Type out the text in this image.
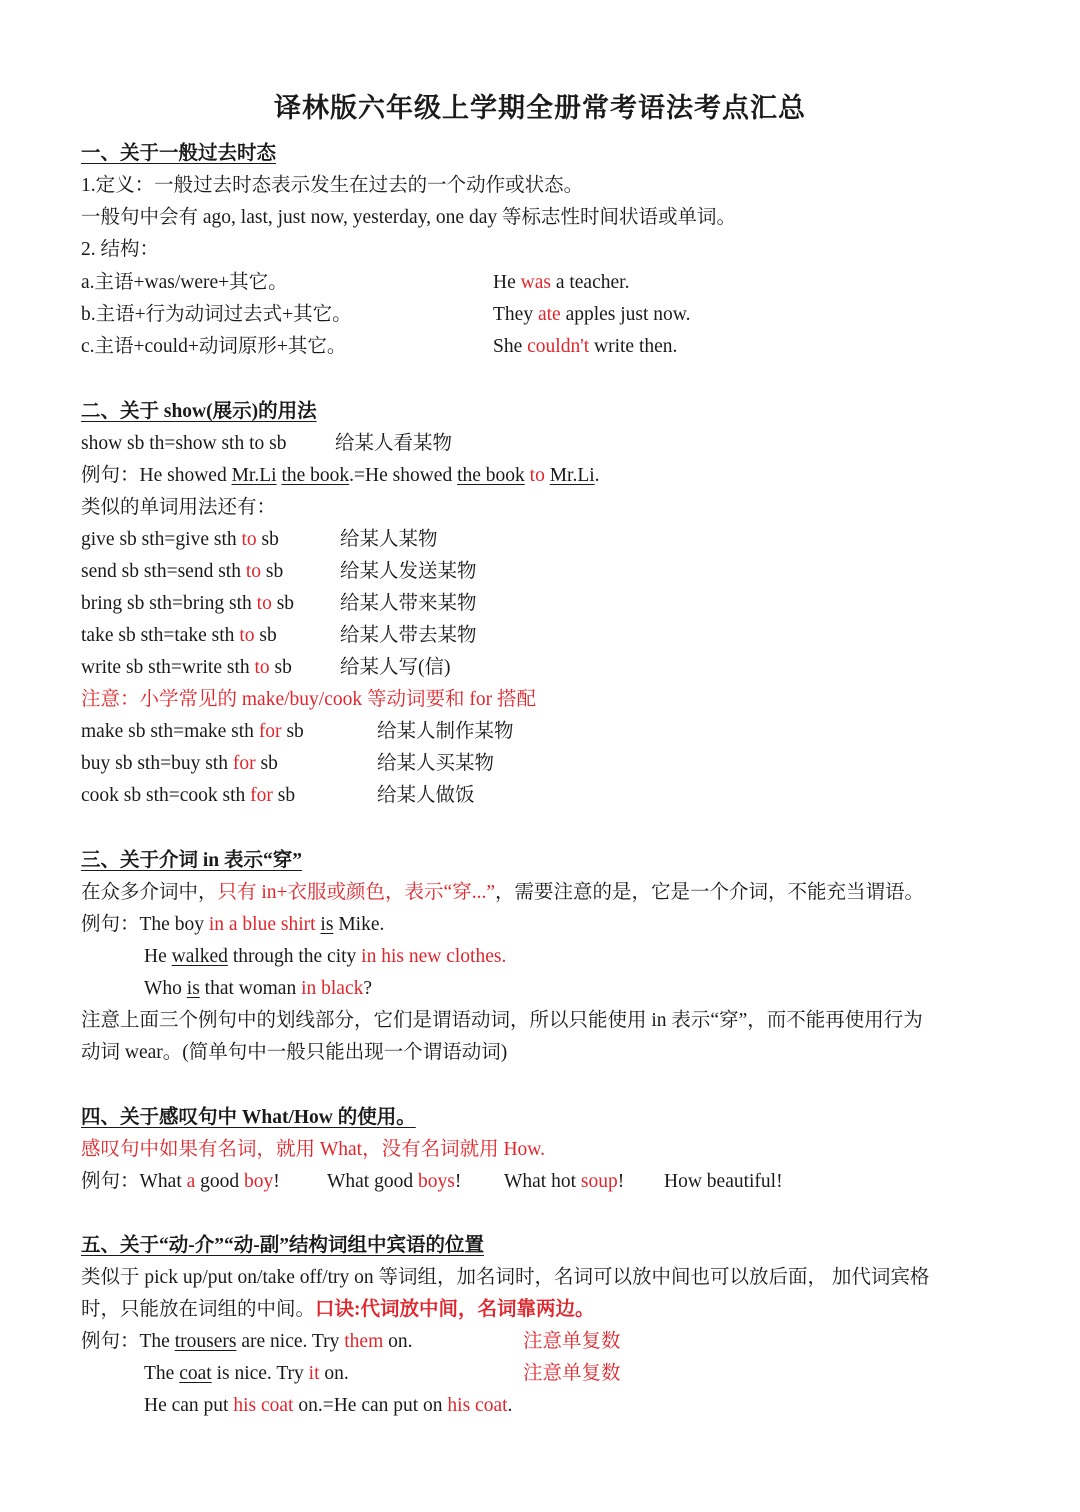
译林版六年级上学期全册常考语法考点汇总
一、关于一般过去时态
1.定义：一般过去时态表示发生在过去的一个动作或状态。
一般句中会有 ago, last, just now, yesterday, one day 等标志性时间状语或单词。
2. 结构：
a.主语+was/were+其它。	He was a teacher.
b.主语+行为动词过去式+其它。	They ate apples just now.
c.主语+could+动词原形+其它。	She couldn't write then.
二、关于 show(展示)的用法
show sb th=show sth to sb 给某人看某物
例句：He showed Mr.Li the book.=He showed the book to Mr.Li.
类似的单词用法还有：
give sb sth=give sth to sb	给某人某物
send sb sth=send sth to sb	给某人发送某物
bring sb sth=bring sth to sb 给某人带来某物
take sb sth=take sth to sb	给某人带去某物
write sb sth=write sth to sb 给某人写(信)
注意：小学常见的 make/buy/cook 等动词要和 for 搭配
make sb sth=make sth for sb	给某人制作某物
buy sb sth=buy sth for sb	给某人买某物
cook sb sth=cook sth for sb	给某人做饭
三、关于介词 in 表示“穿”
在众多介词中，只有 in+衣服或颜色，表示“穿...”，需要注意的是，它是一个介词，不能充当谓语。
例句：The boy in a blue shirt is Mike.
He walked through the city in his new clothes.
Who is that woman in black?
注意上面三个例句中的划线部分，它们是谓语动词，所以只能使用 in 表示“穿”，而不能再使用行为
动词 wear。(简单句中一般只能出现一个谓语动词)
四、关于感叹句中 What/How 的使用。
感叹句中如果有名词，就用 What，没有名词就用 How.
例句：What a good boy! What good boys! What hot soup! How beautiful!
五、关于“动-介”“动-副”结构词组中宾语的位置
类似于 pick up/put on/take off/try on 等词组，加名词时，名词可以放中间也可以放后面， 加代词宾格
时，只能放在词组的中间。口诀:代词放中间，名词靠两边。
例句：The trousers are nice. Try them on.	注意单复数
The coat is nice. Try it on.	注意单复数
He can put his coat on.=He can put on his coat.
